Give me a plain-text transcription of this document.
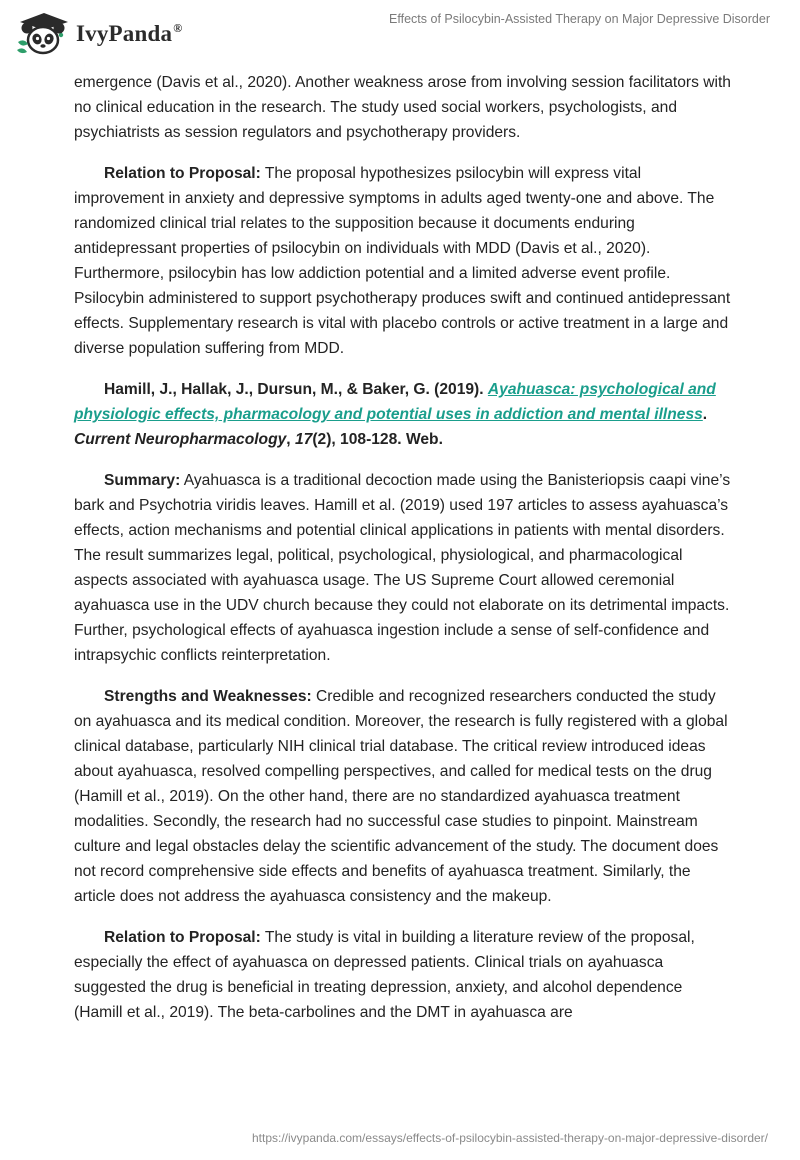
IvyPanda®
Effects of Psilocybin-Assisted Therapy on Major Depressive Disorder

emergence (Davis et al., 2020). Another weakness arose from involving session facilitators with no clinical education in the research. The study used social workers, psychologists, and psychiatrists as session regulators and psychotherapy providers.

Relation to Proposal: The proposal hypothesizes psilocybin will express vital improvement in anxiety and depressive symptoms in adults aged twenty-one and above. The randomized clinical trial relates to the supposition because it documents enduring antidepressant properties of psilocybin on individuals with MDD (Davis et al., 2020). Furthermore, psilocybin has low addiction potential and a limited adverse event profile. Psilocybin administered to support psychotherapy produces swift and continued antidepressant effects. Supplementary research is vital with placebo controls or active treatment in a large and diverse population suffering from MDD.

Hamill, J., Hallak, J., Dursun, M., & Baker, G. (2019). Ayahuasca: psychological and physiologic effects, pharmacology and potential uses in addiction and mental illness. Current Neuropharmacology, 17(2), 108-128. Web.

Summary: Ayahuasca is a traditional decoction made using the Banisteriopsis caapi vine’s bark and Psychotria viridis leaves. Hamill et al. (2019) used 197 articles to assess ayahuasca’s effects, action mechanisms and potential clinical applications in patients with mental disorders. The result summarizes legal, political, psychological, physiological, and pharmacological aspects associated with ayahuasca usage. The US Supreme Court allowed ceremonial ayahuasca use in the UDV church because they could not elaborate on its detrimental impacts. Further, psychological effects of ayahuasca ingestion include a sense of self-confidence and intrapsychic conflicts reinterpretation.

Strengths and Weaknesses: Credible and recognized researchers conducted the study on ayahuasca and its medical condition. Moreover, the research is fully registered with a global clinical database, particularly NIH clinical trial database. The critical review introduced ideas about ayahuasca, resolved compelling perspectives, and called for medical tests on the drug (Hamill et al., 2019). On the other hand, there are no standardized ayahuasca treatment modalities. Secondly, the research had no successful case studies to pinpoint. Mainstream culture and legal obstacles delay the scientific advancement of the study. The document does not record comprehensive side effects and benefits of ayahuasca treatment. Similarly, the article does not address the ayahuasca consistency and the makeup.

Relation to Proposal: The study is vital in building a literature review of the proposal, especially the effect of ayahuasca on depressed patients. Clinical trials on ayahuasca suggested the drug is beneficial in treating depression, anxiety, and alcohol dependence (Hamill et al., 2019). The beta-carbolines and the DMT in ayahuasca are

https://ivypanda.com/essays/effects-of-psilocybin-assisted-therapy-on-major-depressive-disorder/
